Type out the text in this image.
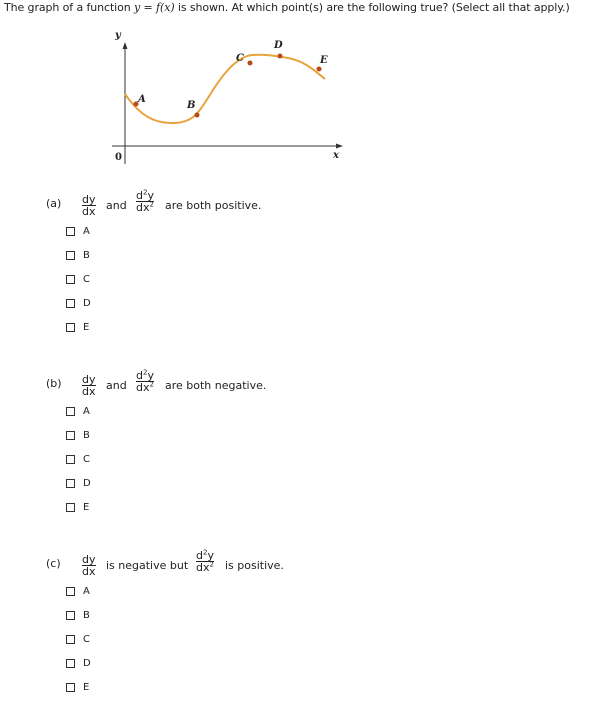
The graph of a function y = f(x) is shown. At which point(s) are the following true? (Select all that apply.)
y
x
0
A
B
C
D
E
$(a) \frac{dy}{dx}$ and $\frac{d^2y}{dx^2}$ are both positive.
A
B
C
D
E
$(b) \frac{dy}{dx}$ and $\frac{d^2y}{dx^2}$ are both negative.
A
B
C
D
E
$(c) \frac{dy}{dx}$ is negative but $\frac{d^2y}{dx^2}$ is positive.
A
B
C
D
E
